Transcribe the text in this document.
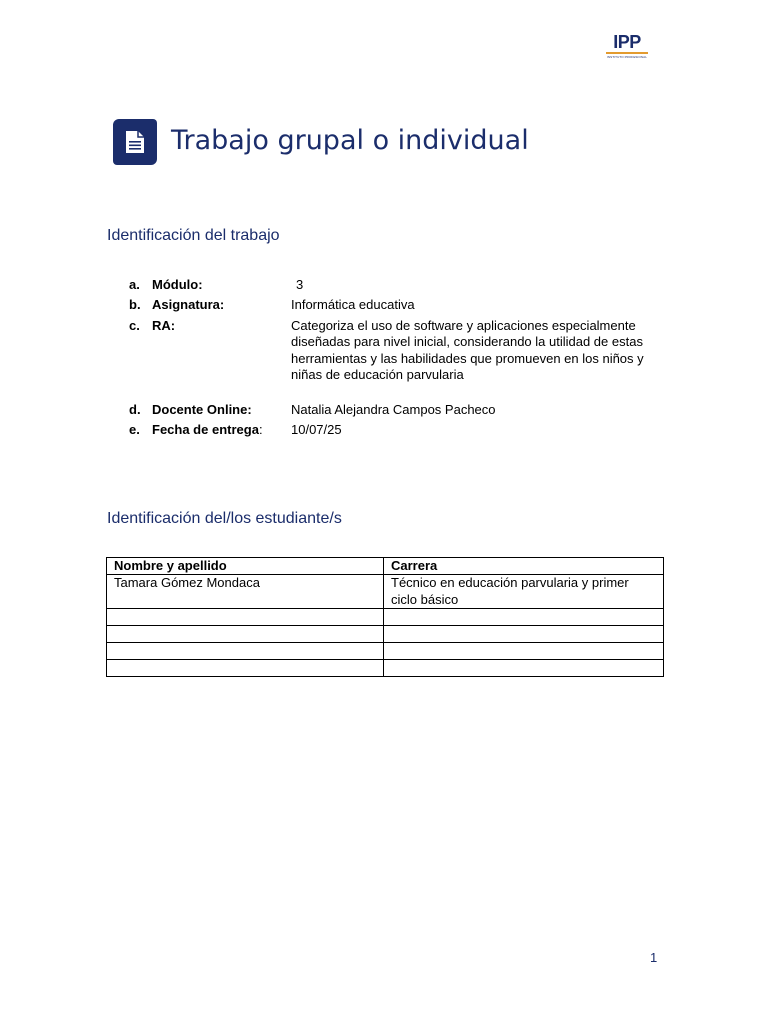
IPP
INSTITUTO PROFESIONAL
Trabajo grupal o individual
Identificación del trabajo
a. Módulo:	3
b. Asignatura:	Informática educativa
c. RA:	Categoriza el uso de software y aplicaciones especialmente diseñadas para nivel inicial, considerando la utilidad de estas herramientas y las habilidades que promueven en los niños y niñas de educación parvularia
d. Docente Online:	Natalia Alejandra Campos Pacheco
e. Fecha de entrega: 10/07/25
Identificación del/los estudiante/s
Nombre y apellido	Carrera
Tamara Gómez Mondaca	Técnico en educación parvularia y primer ciclo básico

1
